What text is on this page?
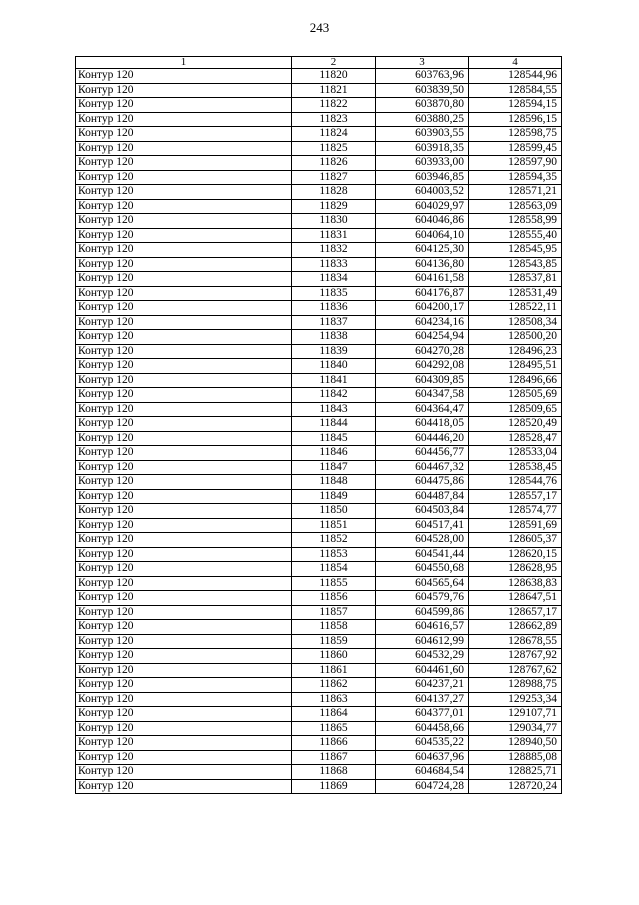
243
1	2	3	4
Контур 120	11820	603763,96	128544,96
Контур 120	11821	603839,50	128584,55
Контур 120	11822	603870,80	128594,15
Контур 120	11823	603880,25	128596,15
Контур 120	11824	603903,55	128598,75
Контур 120	11825	603918,35	128599,45
Контур 120	11826	603933,00	128597,90
Контур 120	11827	603946,85	128594,35
Контур 120	11828	604003,52	128571,21
Контур 120	11829	604029,97	128563,09
Контур 120	11830	604046,86	128558,99
Контур 120	11831	604064,10	128555,40
Контур 120	11832	604125,30	128545,95
Контур 120	11833	604136,80	128543,85
Контур 120	11834	604161,58	128537,81
Контур 120	11835	604176,87	128531,49
Контур 120	11836	604200,17	128522,11
Контур 120	11837	604234,16	128508,34
Контур 120	11838	604254,94	128500,20
Контур 120	11839	604270,28	128496,23
Контур 120	11840	604292,08	128495,51
Контур 120	11841	604309,85	128496,66
Контур 120	11842	604347,58	128505,69
Контур 120	11843	604364,47	128509,65
Контур 120	11844	604418,05	128520,49
Контур 120	11845	604446,20	128528,47
Контур 120	11846	604456,77	128533,04
Контур 120	11847	604467,32	128538,45
Контур 120	11848	604475,86	128544,76
Контур 120	11849	604487,84	128557,17
Контур 120	11850	604503,84	128574,77
Контур 120	11851	604517,41	128591,69
Контур 120	11852	604528,00	128605,37
Контур 120	11853	604541,44	128620,15
Контур 120	11854	604550,68	128628,95
Контур 120	11855	604565,64	128638,83
Контур 120	11856	604579,76	128647,51
Контур 120	11857	604599,86	128657,17
Контур 120	11858	604616,57	128662,89
Контур 120	11859	604612,99	128678,55
Контур 120	11860	604532,29	128767,92
Контур 120	11861	604461,60	128767,62
Контур 120	11862	604237,21	128988,75
Контур 120	11863	604137,27	129253,34
Контур 120	11864	604377,01	129107,71
Контур 120	11865	604458,66	129034,77
Контур 120	11866	604535,22	128940,50
Контур 120	11867	604637,96	128885,08
Контур 120	11868	604684,54	128825,71
Контур 120	11869	604724,28	128720,24
